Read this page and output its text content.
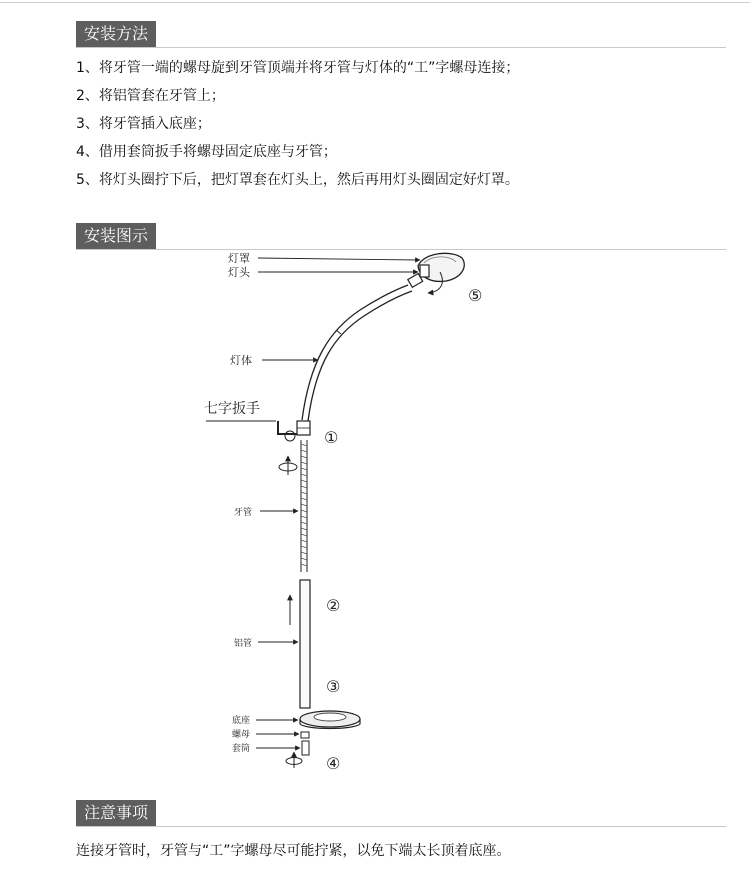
安装方法
1、将牙管一端的螺母旋到牙管顶端并将牙管与灯体的“工”字螺母连接；
2、将铝管套在牙管上；
3、将牙管插入底座；
4、借用套筒扳手将螺母固定底座与牙管；
5、将灯头圈拧下后，把灯罩套在灯头上，然后再用灯头圈固定好灯罩。
安装图示
灯罩
灯头
灯体
七字扳手
牙管
铝管
底座
螺母
套筒
①
②
③
④
⑤
注意事项
连接牙管时，牙管与“工”字螺母尽可能拧紧，以免下端太长顶着底座。
